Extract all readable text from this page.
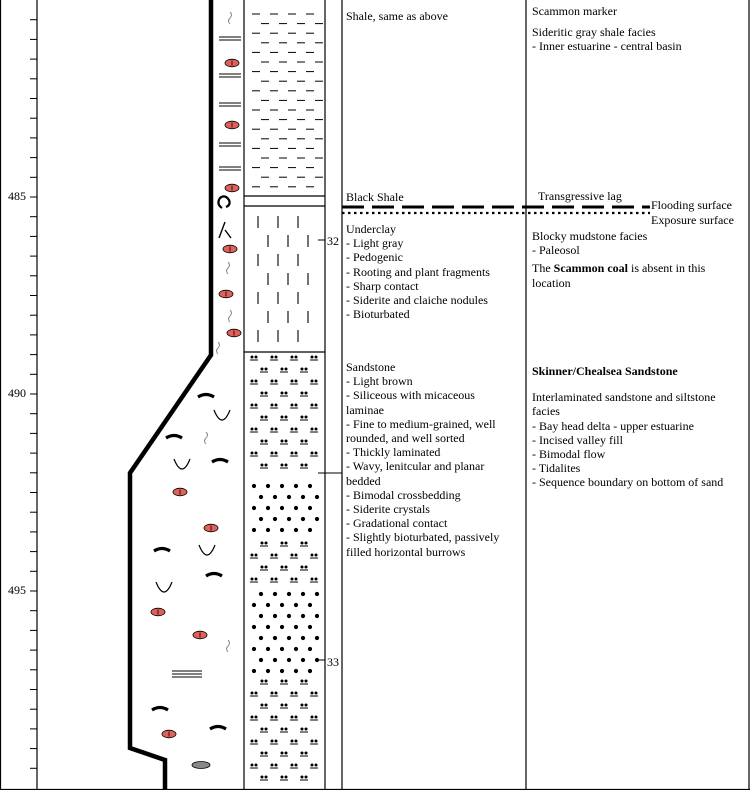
485
490
495
32
33
Shale, same as above
Black Shale
Underclay
- Light gray
- Pedogenic
- Rooting and plant fragments
- Sharp contact
- Siderite and claiche nodules
- Bioturbated
Sandstone
- Light brown
- Siliceous with micaceous
laminae
- Fine to medium-grained, well
rounded, and well sorted
- Thickly laminated
- Wavy, lenitcular and planar
bedded
- Bimodal crossbedding
- Siderite crystals
- Gradational contact
- Slightly bioturbated, passively
filled horizontal burrows
Scammon marker
Sideritic gray shale facies
- Inner estuarine - central basin
Transgressive lag
Blocky mudstone facies
- Paleosol
The Scammon coal is absent in this
location
Skinner/Chealsea Sandstone
Interlaminated sandstone and siltstone
facies
- Bay head delta - upper estuarine
- Incised valley fill
- Bimodal flow
- Tidalites
- Sequence boundary on bottom of sand
Flooding surface
Exposure surface
